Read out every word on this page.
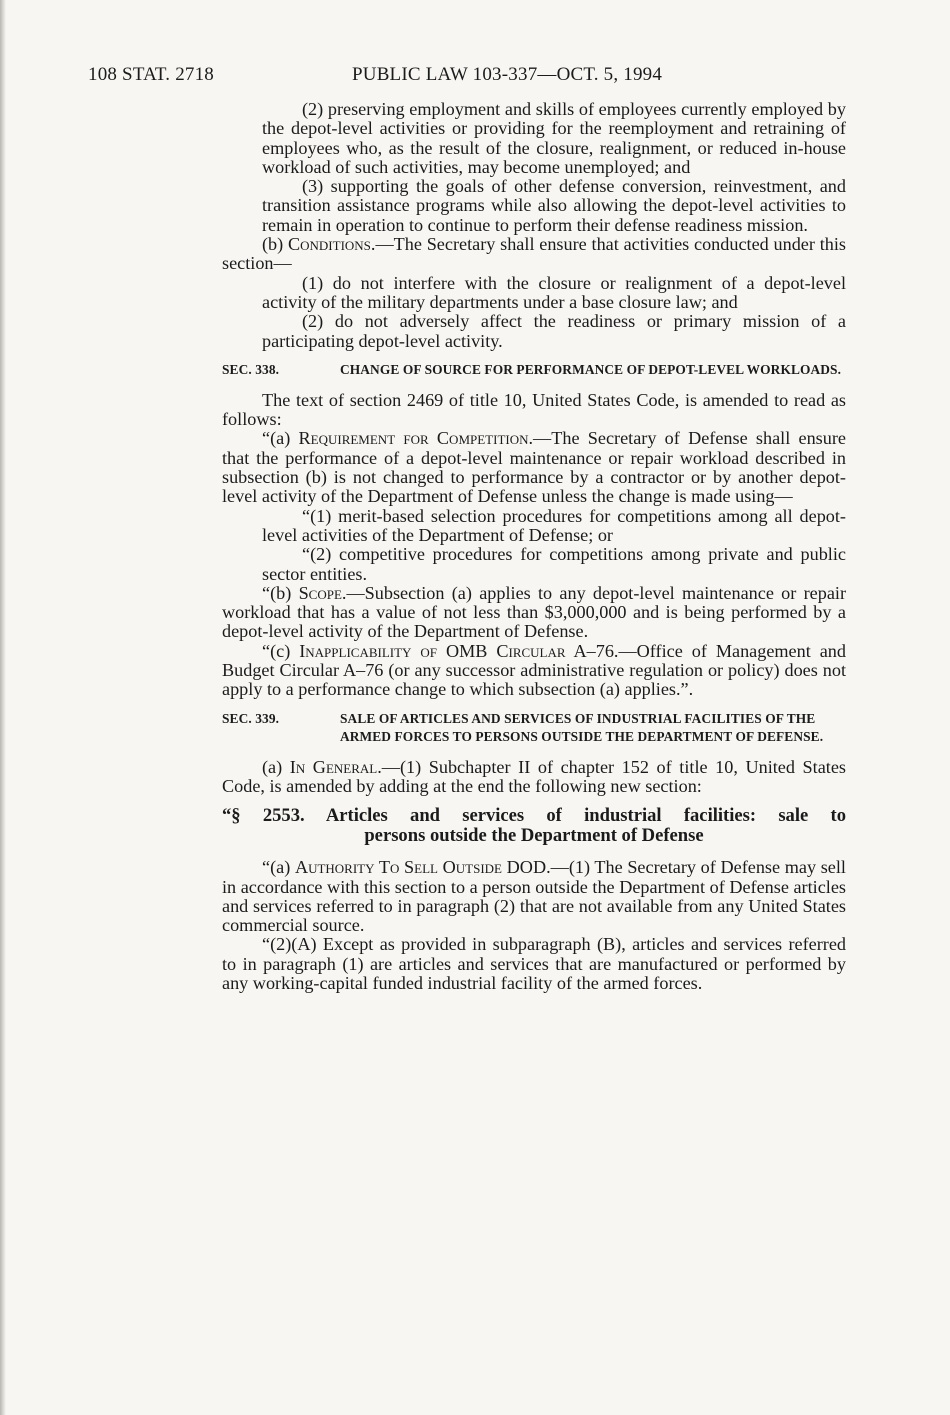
108 STAT. 2718	PUBLIC LAW 103-337—OCT. 5, 1994

(2) preserving employment and skills of employees currently employed by the depot-level activities or providing for the reemployment and retraining of employees who, as the result of the closure, realignment, or reduced in-house workload of such activities, may become unemployed; and

(3) supporting the goals of other defense conversion, reinvestment, and transition assistance programs while also allowing the depot-level activities to remain in operation to continue to perform their defense readiness mission.

(b) Conditions.—The Secretary shall ensure that activities conducted under this section—

(1) do not interfere with the closure or realignment of a depot-level activity of the military departments under a base closure law; and

(2) do not adversely affect the readiness or primary mission of a participating depot-level activity.

SEC. 338.	CHANGE OF SOURCE FOR PERFORMANCE OF DEPOT-LEVEL WORKLOADS.

The text of section 2469 of title 10, United States Code, is amended to read as follows:

“(a) Requirement for Competition.—The Secretary of Defense shall ensure that the performance of a depot-level maintenance or repair workload described in subsection (b) is not changed to performance by a contractor or by another depot-level activity of the Department of Defense unless the change is made using—

“(1) merit-based selection procedures for competitions among all depot-level activities of the Department of Defense; or

“(2) competitive procedures for competitions among private and public sector entities.

“(b) Scope.—Subsection (a) applies to any depot-level maintenance or repair workload that has a value of not less than $3,000,000 and is being performed by a depot-level activity of the Department of Defense.

“(c) Inapplicability of OMB Circular A–76.—Office of Management and Budget Circular A–76 (or any successor administrative regulation or policy) does not apply to a performance change to which subsection (a) applies.”.

SEC. 339.	SALE OF ARTICLES AND SERVICES OF INDUSTRIAL FACILITIES OF THE ARMED FORCES TO PERSONS OUTSIDE THE DEPARTMENT OF DEFENSE.

(a) In General.—(1) Subchapter II of chapter 152 of title 10, United States Code, is amended by adding at the end the following new section:

“§ 2553. Articles and services of industrial facilities: sale to
persons outside the Department of Defense

“(a) Authority To Sell Outside DOD.—(1) The Secretary of Defense may sell in accordance with this section to a person outside the Department of Defense articles and services referred to in paragraph (2) that are not available from any United States commercial source.

“(2)(A) Except as provided in subparagraph (B), articles and services referred to in paragraph (1) are articles and services that are manufactured or performed by any working-capital funded industrial facility of the armed forces.
